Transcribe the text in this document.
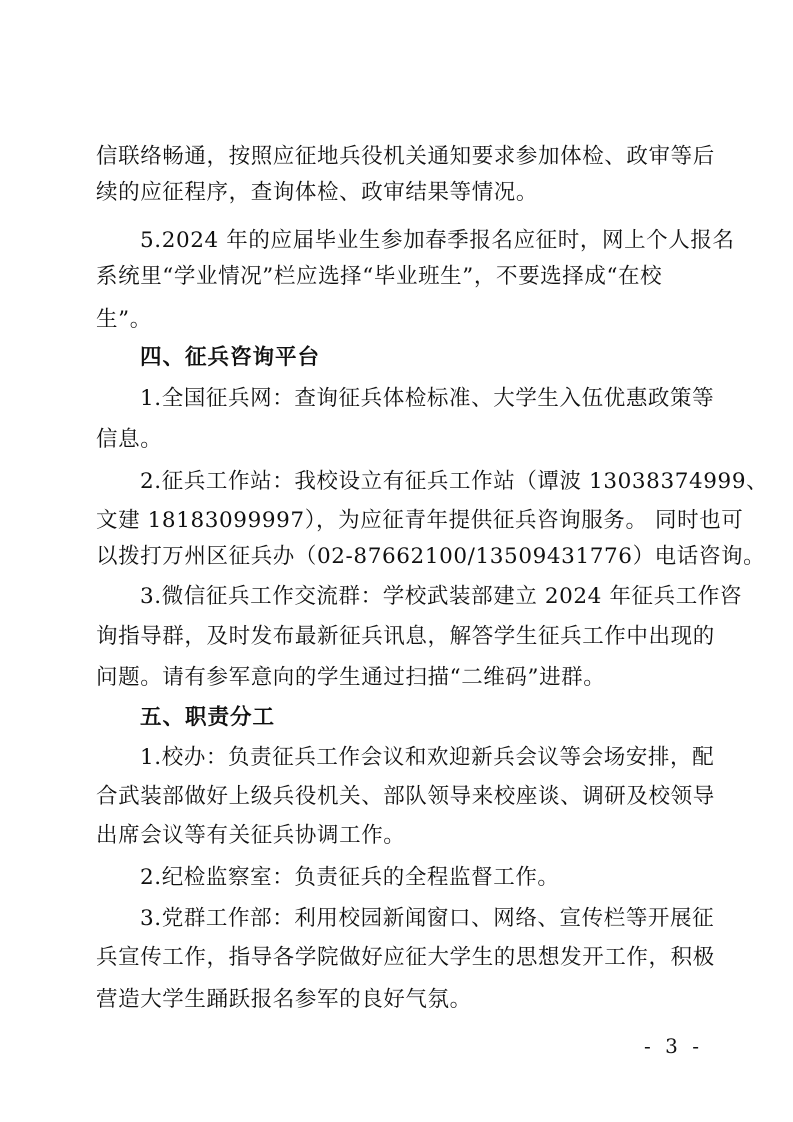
信联络畅通，按照应征地兵役机关通知要求参加体检、政审等后
续的应征程序，查询体检、政审结果等情况。
5.2024 年的应届毕业生参加春季报名应征时，网上个人报名
系统里“学业情况”栏应选择“毕业班生”，不要选择成“在校
生”。
四、征兵咨询平台
1.全国征兵网：查询征兵体检标准、大学生入伍优惠政策等
信息。
2.征兵工作站：我校设立有征兵工作站（谭波 13038374999、
文建 18183099997），为应征青年提供征兵咨询服务。 同时也可
以拨打万州区征兵办（02-87662100/13509431776）电话咨询。
3.微信征兵工作交流群：学校武装部建立 2024 年征兵工作咨
询指导群，及时发布最新征兵讯息，解答学生征兵工作中出现的
问题。请有参军意向的学生通过扫描“二维码”进群。
五、职责分工
1.校办：负责征兵工作会议和欢迎新兵会议等会场安排，配
合武装部做好上级兵役机关、部队领导来校座谈、调研及校领导
出席会议等有关征兵协调工作。
2.纪检监察室：负责征兵的全程监督工作。
3.党群工作部：利用校园新闻窗口、网络、宣传栏等开展征
兵宣传工作，指导各学院做好应征大学生的思想发开工作，积极
营造大学生踊跃报名参军的良好气氛。
- 3 -
